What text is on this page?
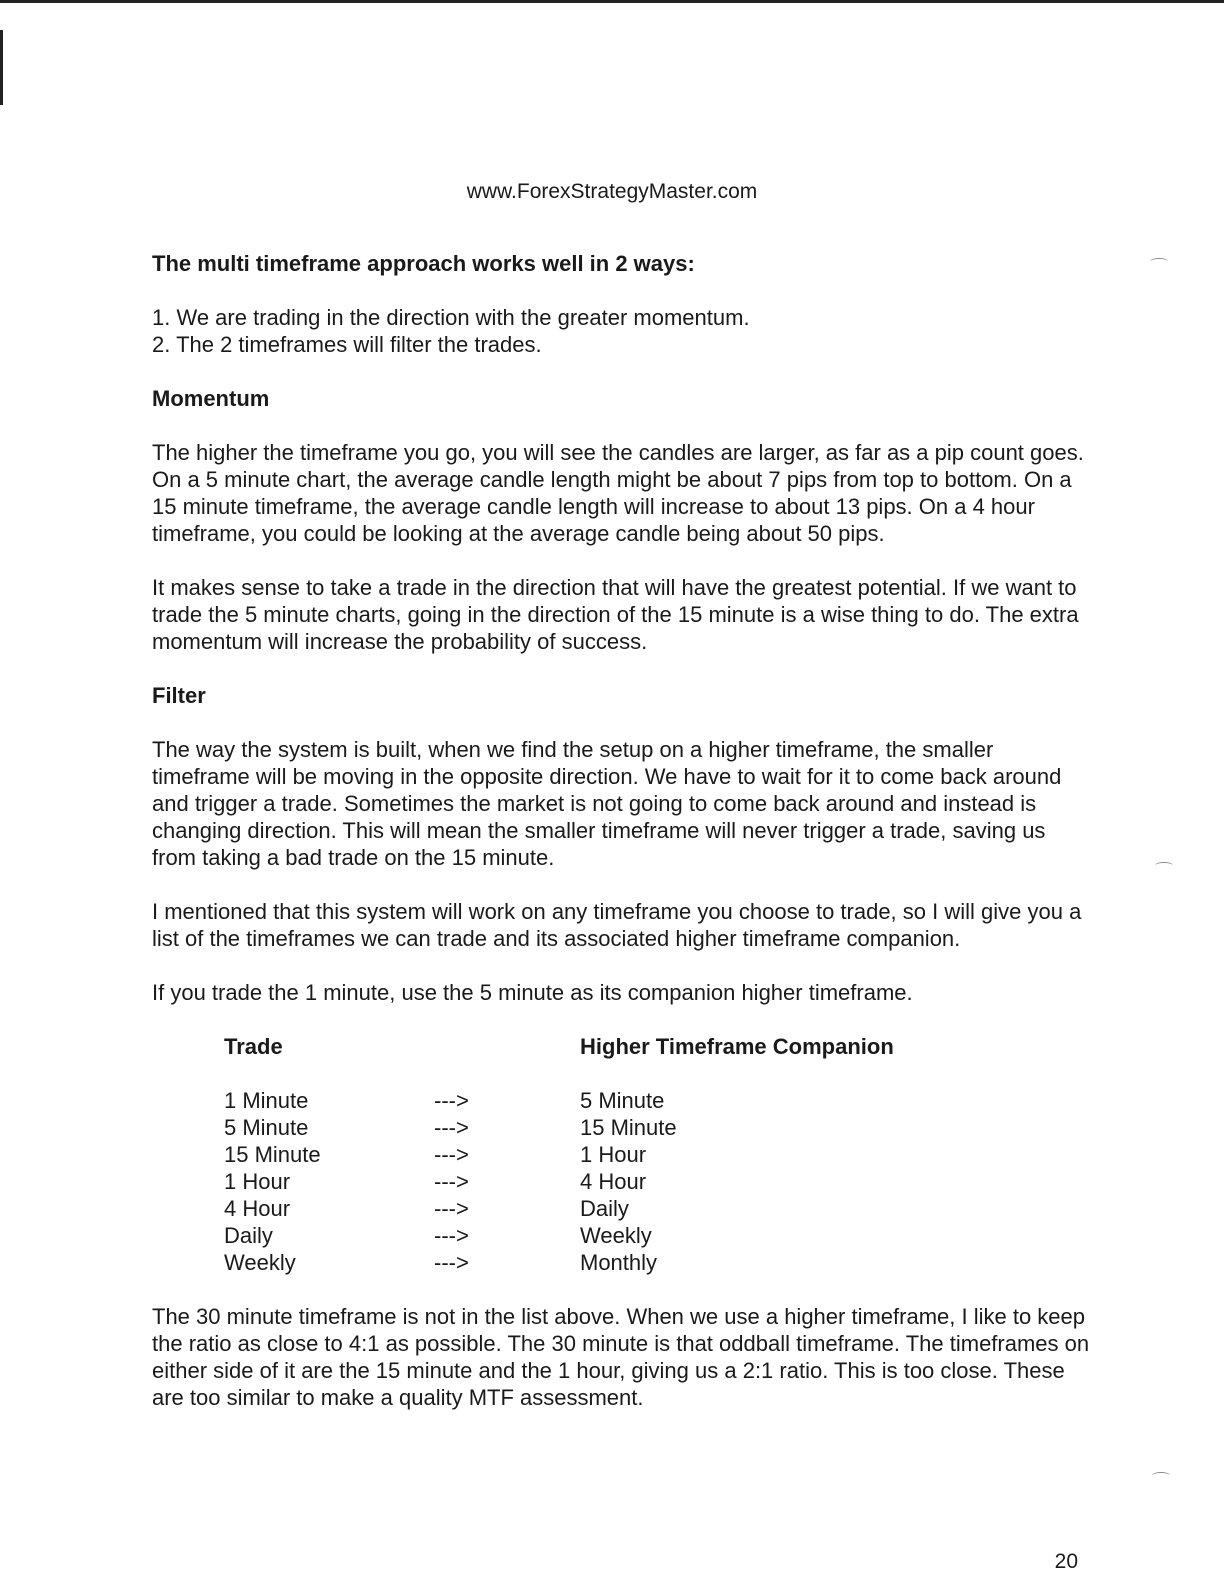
www.ForexStrategyMaster.com
The multi timeframe approach works well in 2 ways:
1. We are trading in the direction with the greater momentum.
2. The 2 timeframes will filter the trades.
Momentum
The higher the timeframe you go, you will see the candles are larger, as far as a pip count goes. On a 5 minute chart, the average candle length might be about 7 pips from top to bottom. On a 15 minute timeframe, the average candle length will increase to about 13 pips. On a 4 hour timeframe, you could be looking at the average candle being about 50 pips.
It makes sense to take a trade in the direction that will have the greatest potential. If we want to trade the 5 minute charts, going in the direction of the 15 minute is a wise thing to do. The extra momentum will increase the probability of success.
Filter
The way the system is built, when we find the setup on a higher timeframe, the smaller timeframe will be moving in the opposite direction. We have to wait for it to come back around and trigger a trade. Sometimes the market is not going to come back around and instead is changing direction. This will mean the smaller timeframe will never trigger a trade, saving us from taking a bad trade on the 15 minute.
I mentioned that this system will work on any timeframe you choose to trade, so I will give you a list of the timeframes we can trade and its associated higher timeframe companion.
If you trade the 1 minute, use the 5 minute as its companion higher timeframe.
Trade		Higher Timeframe Companion
1 Minute	--->	5 Minute
5 Minute	--->	15 Minute
15 Minute	--->	1 Hour
1 Hour	--->	4 Hour
4 Hour	--->	Daily
Daily	--->	Weekly
Weekly	--->	Monthly
The 30 minute timeframe is not in the list above. When we use a higher timeframe, I like to keep the ratio as close to 4:1 as possible. The 30 minute is that oddball timeframe. The timeframes on either side of it are the 15 minute and the 1 hour, giving us a 2:1 ratio. This is too close. These are too similar to make a quality MTF assessment.
20
